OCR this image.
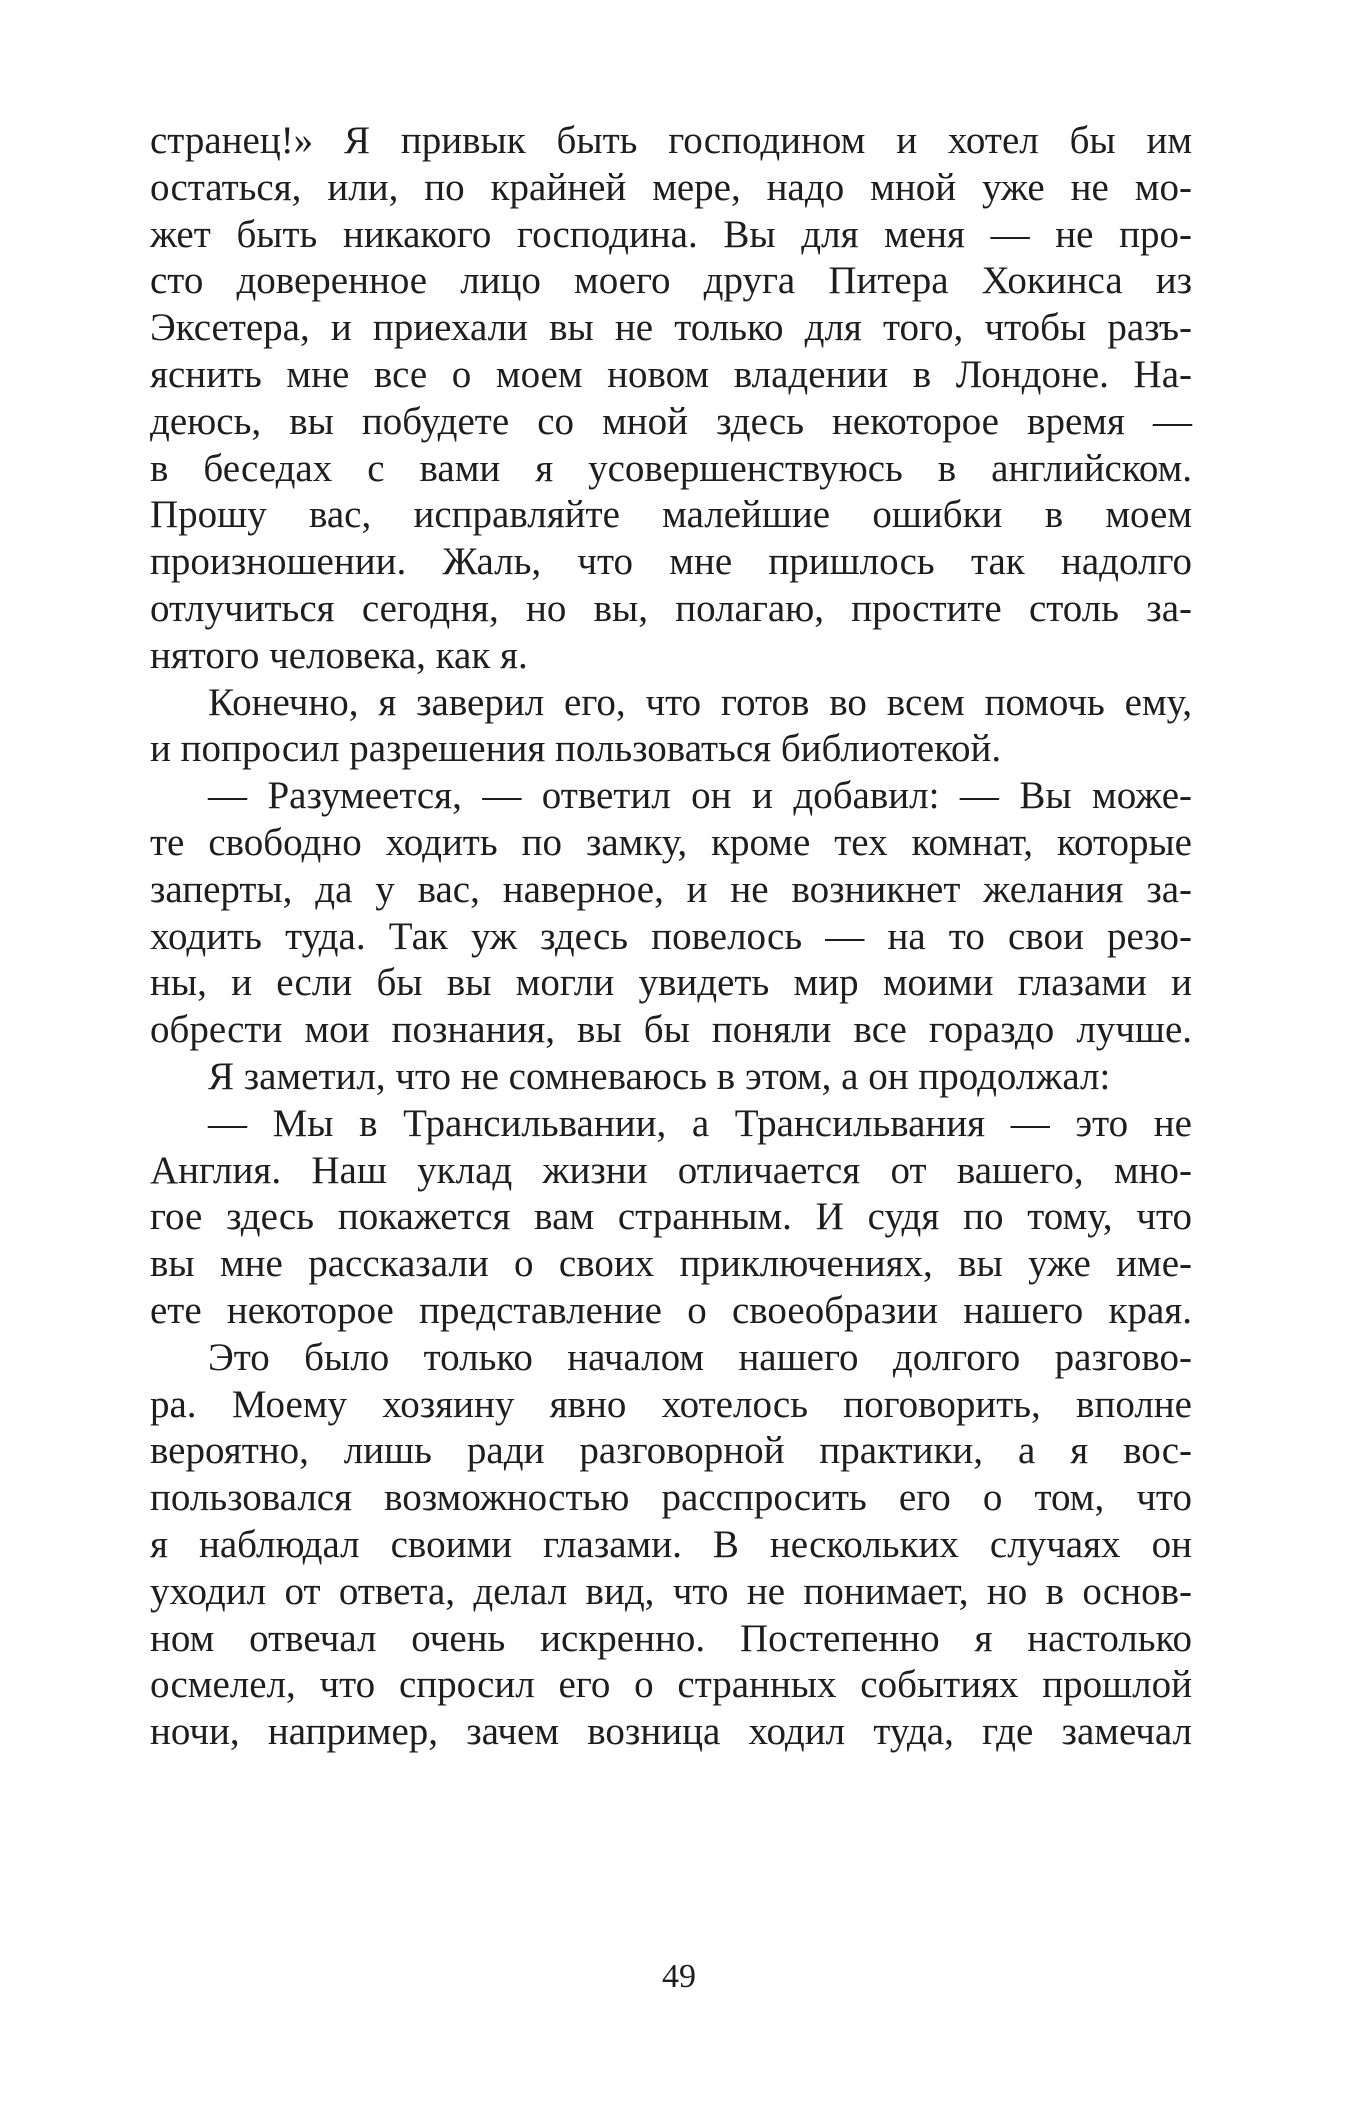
странец!» Я привык быть господином и хотел бы им
остаться, или, по крайней мере, надо мной уже не мо-
жет быть никакого господина. Вы для меня — не про-
сто доверенное лицо моего друга Питера Хокинса из
Эксетера, и приехали вы не только для того, чтобы разъ-
яснить мне все о моем новом владении в Лондоне. На-
деюсь, вы побудете со мной здесь некоторое время —
в беседах с вами я усовершенствуюсь в английском.
Прошу вас, исправляйте малейшие ошибки в моем
произношении. Жаль, что мне пришлось так надолго
отлучиться сегодня, но вы, полагаю, простите столь за-
нятого человека, как я.
Конечно, я заверил его, что готов во всем помочь ему,
и попросил разрешения пользоваться библиотекой.
— Разумеется, — ответил он и добавил: — Вы може-
те свободно ходить по замку, кроме тех комнат, которые
заперты, да у вас, наверное, и не возникнет желания за-
ходить туда. Так уж здесь повелось — на то свои резо-
ны, и если бы вы могли увидеть мир моими глазами и
обрести мои познания, вы бы поняли все гораздо лучше.
Я заметил, что не сомневаюсь в этом, а он продолжал:
— Мы в Трансильвании, а Трансильвания — это не
Англия. Наш уклад жизни отличается от вашего, мно-
гое здесь покажется вам странным. И судя по тому, что
вы мне рассказали о своих приключениях, вы уже име-
ете некоторое представление о своеобразии нашего края.
Это было только началом нашего долгого разгово-
ра. Моему хозяину явно хотелось поговорить, вполне
вероятно, лишь ради разговорной практики, а я вос-
пользовался возможностью расспросить его о том, что
я наблюдал своими глазами. В нескольких случаях он
уходил от ответа, делал вид, что не понимает, но в основ-
ном отвечал очень искренно. Постепенно я настолько
осмелел, что спросил его о странных событиях прошлой
ночи, например, зачем возница ходил туда, где замечал
49
